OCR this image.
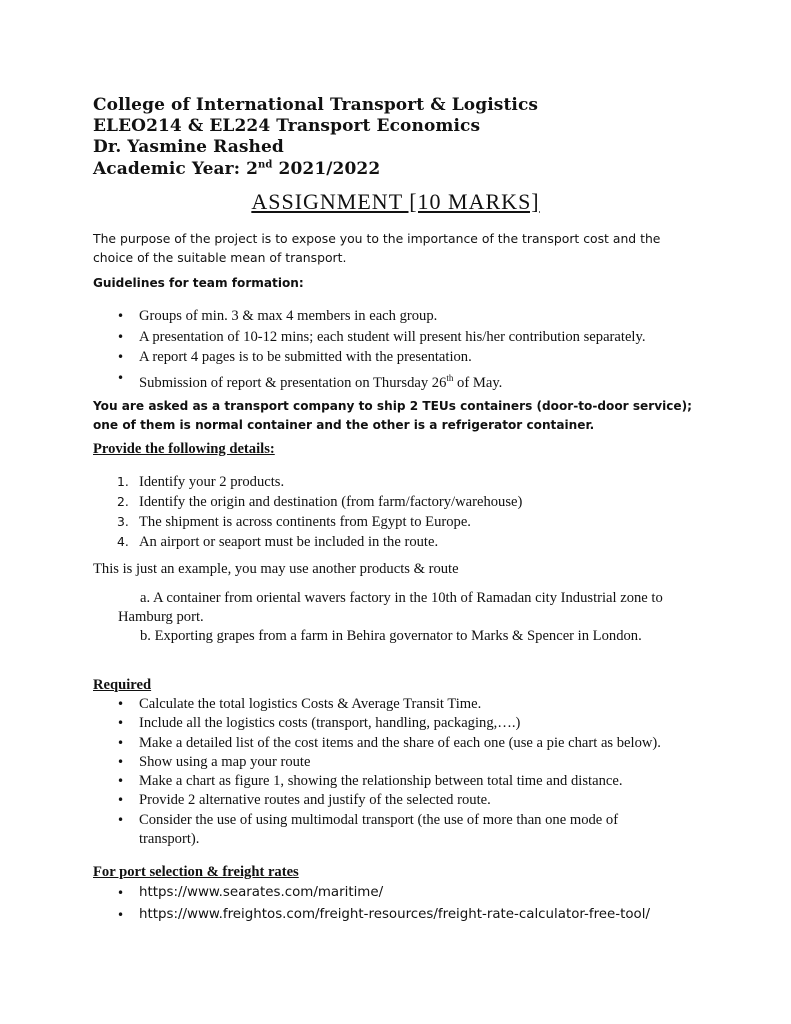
College of International Transport & Logistics
ELEO214 & EL224 Transport Economics
Dr. Yasmine Rashed
Academic Year: 2nd 2021/2022
ASSIGNMENT [10 MARKS]
The purpose of the project is to expose you to the importance of the transport cost and the choice of the suitable mean of transport.
Guidelines for team formation:
• Groups of min. 3 & max 4 members in each group.
• A presentation of 10-12 mins; each student will present his/her contribution separately.
• A report 4 pages is to be submitted with the presentation.
• Submission of report & presentation on Thursday 26th of May.
You are asked as a transport company to ship 2 TEUs containers (door-to-door service); one of them is normal container and the other is a refrigerator container.
Provide the following details:
1. Identify your 2 products.
2. Identify the origin and destination (from farm/factory/warehouse)
3. The shipment is across continents from Egypt to Europe.
4. An airport or seaport must be included in the route.
This is just an example, you may use another products & route
a. A container from oriental wavers factory in the 10th of Ramadan city Industrial zone to
Hamburg port.
b. Exporting grapes from a farm in Behira governator to Marks & Spencer in London.
Required
• Calculate the total logistics Costs & Average Transit Time.
• Include all the logistics costs (transport, handling, packaging,….)
• Make a detailed list of the cost items and the share of each one (use a pie chart as below).
• Show using a map your route
• Make a chart as figure 1, showing the relationship between total time and distance.
• Provide 2 alternative routes and justify of the selected route.
• Consider the use of using multimodal transport (the use of more than one mode of
transport).
For port selection & freight rates
• https://www.searates.com/maritime/
• https://www.freightos.com/freight-resources/freight-rate-calculator-free-tool/
